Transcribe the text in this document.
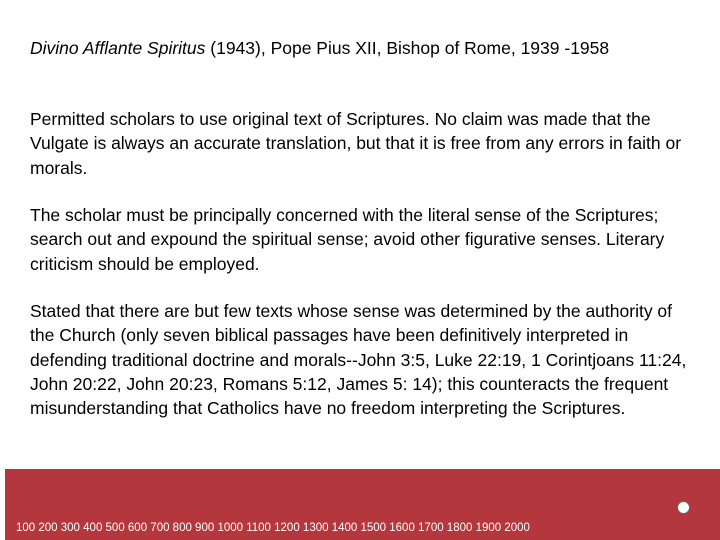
Divino Afflante Spiritus (1943), Pope Pius XII, Bishop of Rome, 1939 -1958

Permitted scholars to use original text of Scriptures. No claim was made that the Vulgate is always an accurate translation, but that it is free from any errors in faith or morals.

The scholar must be principally concerned with the literal sense of the Scriptures; search out and expound the spiritual sense; avoid other figurative senses. Literary criticism should be employed.

Stated that there are but few texts whose sense was determined by the authority of the Church (only seven biblical passages have been definitively interpreted in defending traditional doctrine and morals--John 3:5, Luke 22:19, 1 Corintjoans 11:24, John 20:22, John 20:23, Romans 5:12, James 5: 14); this counteracts the frequent misunderstanding that Catholics have no freedom interpreting the Scriptures.

100 200 300 400 500 600 700 800 900 1000 1100 1200 1300 1400 1500 1600 1700 1800 1900 2000
